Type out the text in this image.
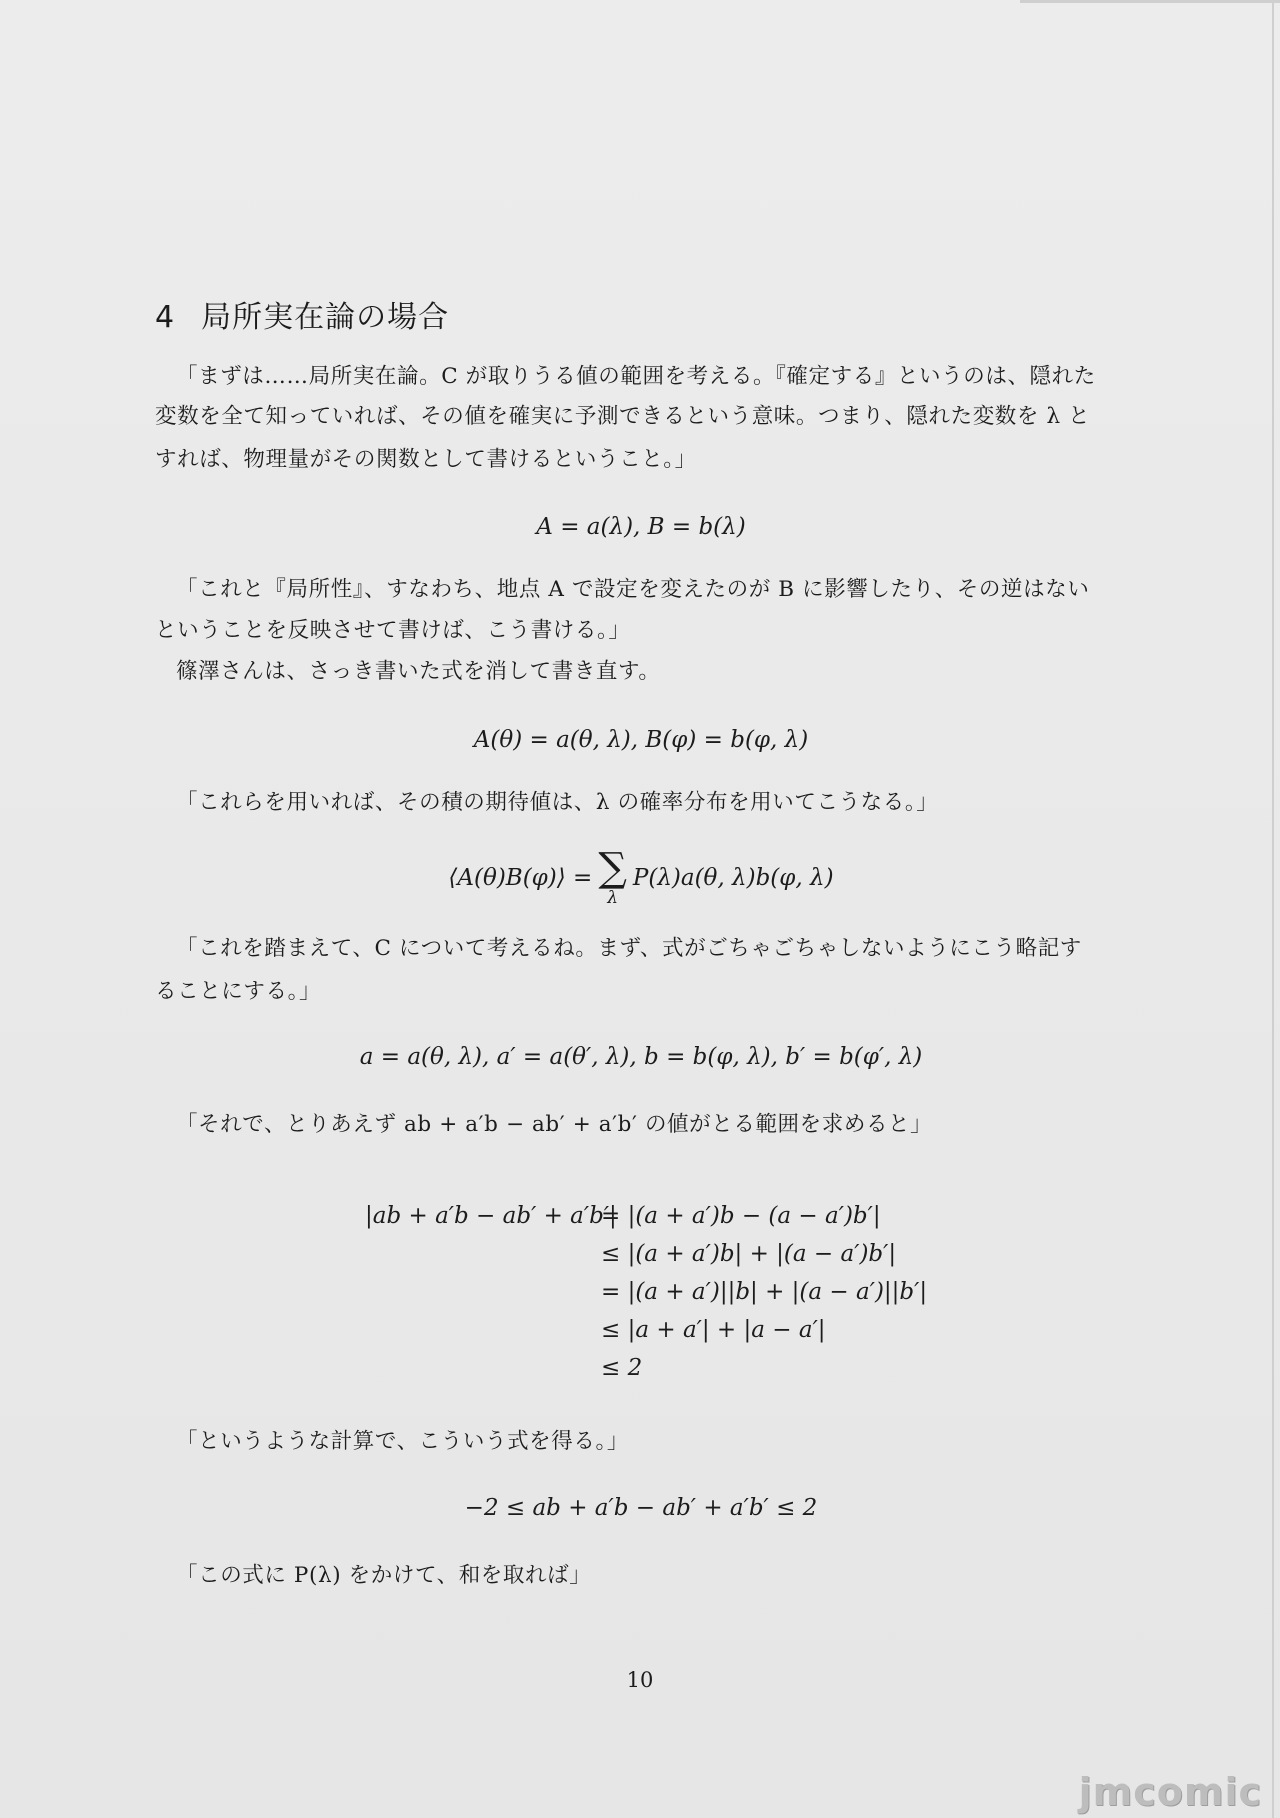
4 局所実在論の場合

「まずは……局所実在論。C が取りうる値の範囲を考える。『確定する』というのは、隠れた

変数を全て知っていれば、その値を確実に予測できるという意味。つまり、隠れた変数を λ と

すれば、物理量がその関数として書けるということ。」

A = a(λ), B = b(λ)

「これと『局所性』、すなわち、地点 A で設定を変えたのが B に影響したり、その逆はない

ということを反映させて書けば、こう書ける。」

篠澤さんは、さっき書いた式を消して書き直す。

A(θ) = a(θ, λ), B(φ) = b(φ, λ)

「これらを用いれば、その積の期待値は、λ の確率分布を用いてこうなる。」

⟨A(θ)B(φ)⟩ = ∑
λ
P(λ)a(θ, λ)b(φ, λ)

「これを踏まえて、C について考えるね。まず、式がごちゃごちゃしないようにこう略記す

ることにする。」

a = a(θ, λ), a′ = a(θ′, λ), b = b(φ, λ), b′ = b(φ′, λ)

「それで、とりあえず ab + a′b − ab′ + a′b′ の値がとる範囲を求めると」

|ab + a′b − ab′ + a′b′|= |(a + a′)b − (a − a′)b′|
≤ |(a + a′)b| + |(a − a′)b′|
= |(a + a′)||b| + |(a − a′)||b′|
≤ |a + a′| + |a − a′|
≤ 2

「というような計算で、こういう式を得る。」

−2 ≤ ab + a′b − ab′ + a′b′ ≤ 2

「この式に P(λ) をかけて、和を取れば」

10

jmcomic
